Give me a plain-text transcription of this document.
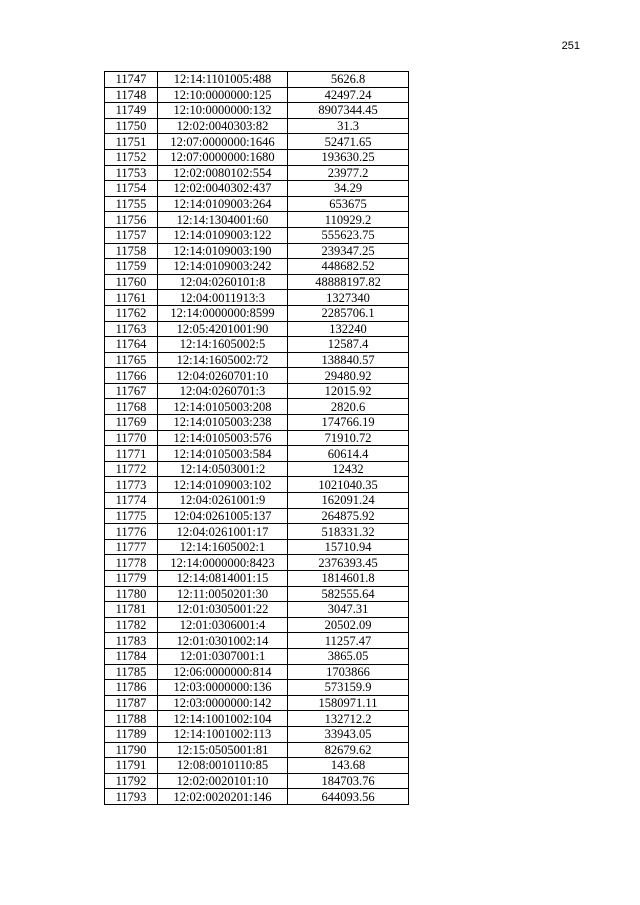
251
11747	12:14:1101005:488	5626.8
11748	12:10:0000000:125	42497.24
11749	12:10:0000000:132	8907344.45
11750	12:02:0040303:82	31.3
11751	12:07:0000000:1646	52471.65
11752	12:07:0000000:1680	193630.25
11753	12:02:0080102:554	23977.2
11754	12:02:0040302:437	34.29
11755	12:14:0109003:264	653675
11756	12:14:1304001:60	110929.2
11757	12:14:0109003:122	555623.75
11758	12:14:0109003:190	239347.25
11759	12:14:0109003:242	448682.52
11760	12:04:0260101:8	48888197.82
11761	12:04:0011913:3	1327340
11762	12:14:0000000:8599	2285706.1
11763	12:05:4201001:90	132240
11764	12:14:1605002:5	12587.4
11765	12:14:1605002:72	138840.57
11766	12:04:0260701:10	29480.92
11767	12:04:0260701:3	12015.92
11768	12:14:0105003:208	2820.6
11769	12:14:0105003:238	174766.19
11770	12:14:0105003:576	71910.72
11771	12:14:0105003:584	60614.4
11772	12:14:0503001:2	12432
11773	12:14:0109003:102	1021040.35
11774	12:04:0261001:9	162091.24
11775	12:04:0261005:137	264875.92
11776	12:04:0261001:17	518331.32
11777	12:14:1605002:1	15710.94
11778	12:14:0000000:8423	2376393.45
11779	12:14:0814001:15	1814601.8
11780	12:11:0050201:30	582555.64
11781	12:01:0305001:22	3047.31
11782	12:01:0306001:4	20502.09
11783	12:01:0301002:14	11257.47
11784	12:01:0307001:1	3865.05
11785	12:06:0000000:814	1703866
11786	12:03:0000000:136	573159.9
11787	12:03:0000000:142	1580971.11
11788	12:14:1001002:104	132712.2
11789	12:14:1001002:113	33943.05
11790	12:15:0505001:81	82679.62
11791	12:08:0010110:85	143.68
11792	12:02:0020101:10	184703.76
11793	12:02:0020201:146	644093.56
